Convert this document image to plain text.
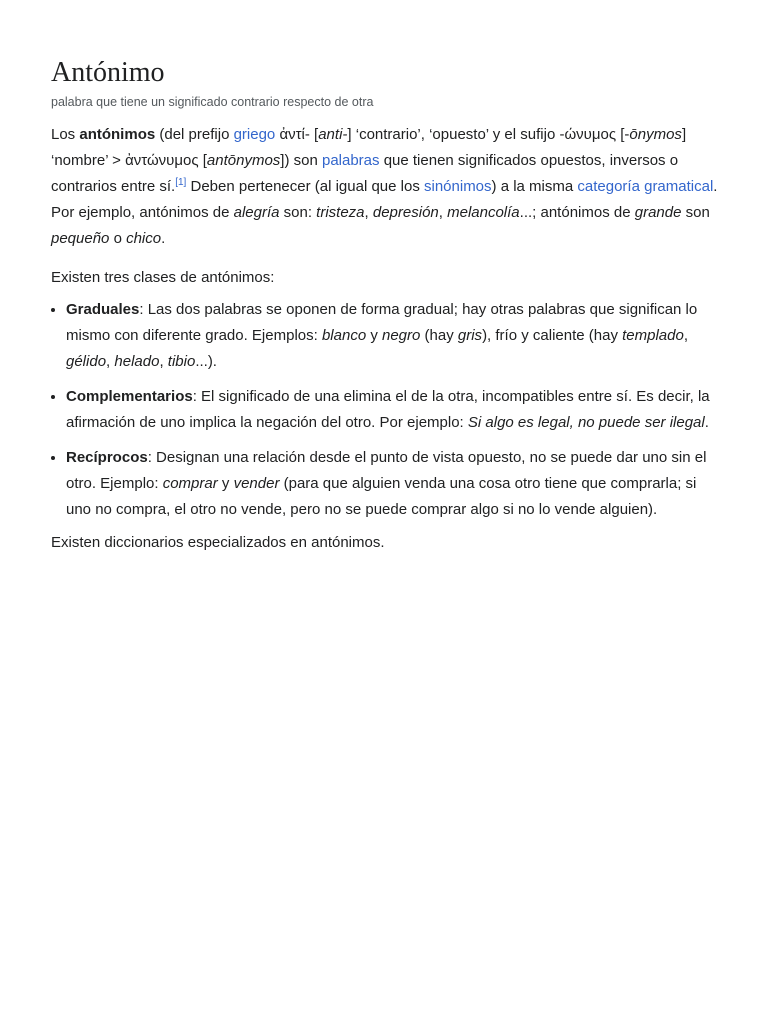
Antónimo
palabra que tiene un significado contrario respecto de otra

Los antónimos (del prefijo griego ἀντί- [anti-] ‘contrario’, ‘opuesto’ y el sufijo -ώνυμος [-ōnymos] ‘nombre’ > ἀντώνυμος [antōnymos]) son palabras que tienen significados opuestos, inversos o contrarios entre sí.[1] Deben pertenecer (al igual que los sinónimos) a la misma categoría gramatical. Por ejemplo, antónimos de alegría son: tristeza, depresión, melancolía...; antónimos de grande son pequeño o chico.

Existen tres clases de antónimos:

• Graduales: Las dos palabras se oponen de forma gradual; hay otras palabras que significan lo mismo con diferente grado. Ejemplos: blanco y negro (hay gris), frío y caliente (hay templado, gélido, helado, tibio...).
• Complementarios: El significado de una elimina el de la otra, incompatibles entre sí. Es decir, la afirmación de uno implica la negación del otro. Por ejemplo: Si algo es legal, no puede ser ilegal.
• Recíprocos: Designan una relación desde el punto de vista opuesto, no se puede dar uno sin el otro. Ejemplo: comprar y vender (para que alguien venda una cosa otro tiene que comprarla; si uno no compra, el otro no vende, pero no se puede comprar algo si no lo vende alguien).

Existen diccionarios especializados en antónimos.
